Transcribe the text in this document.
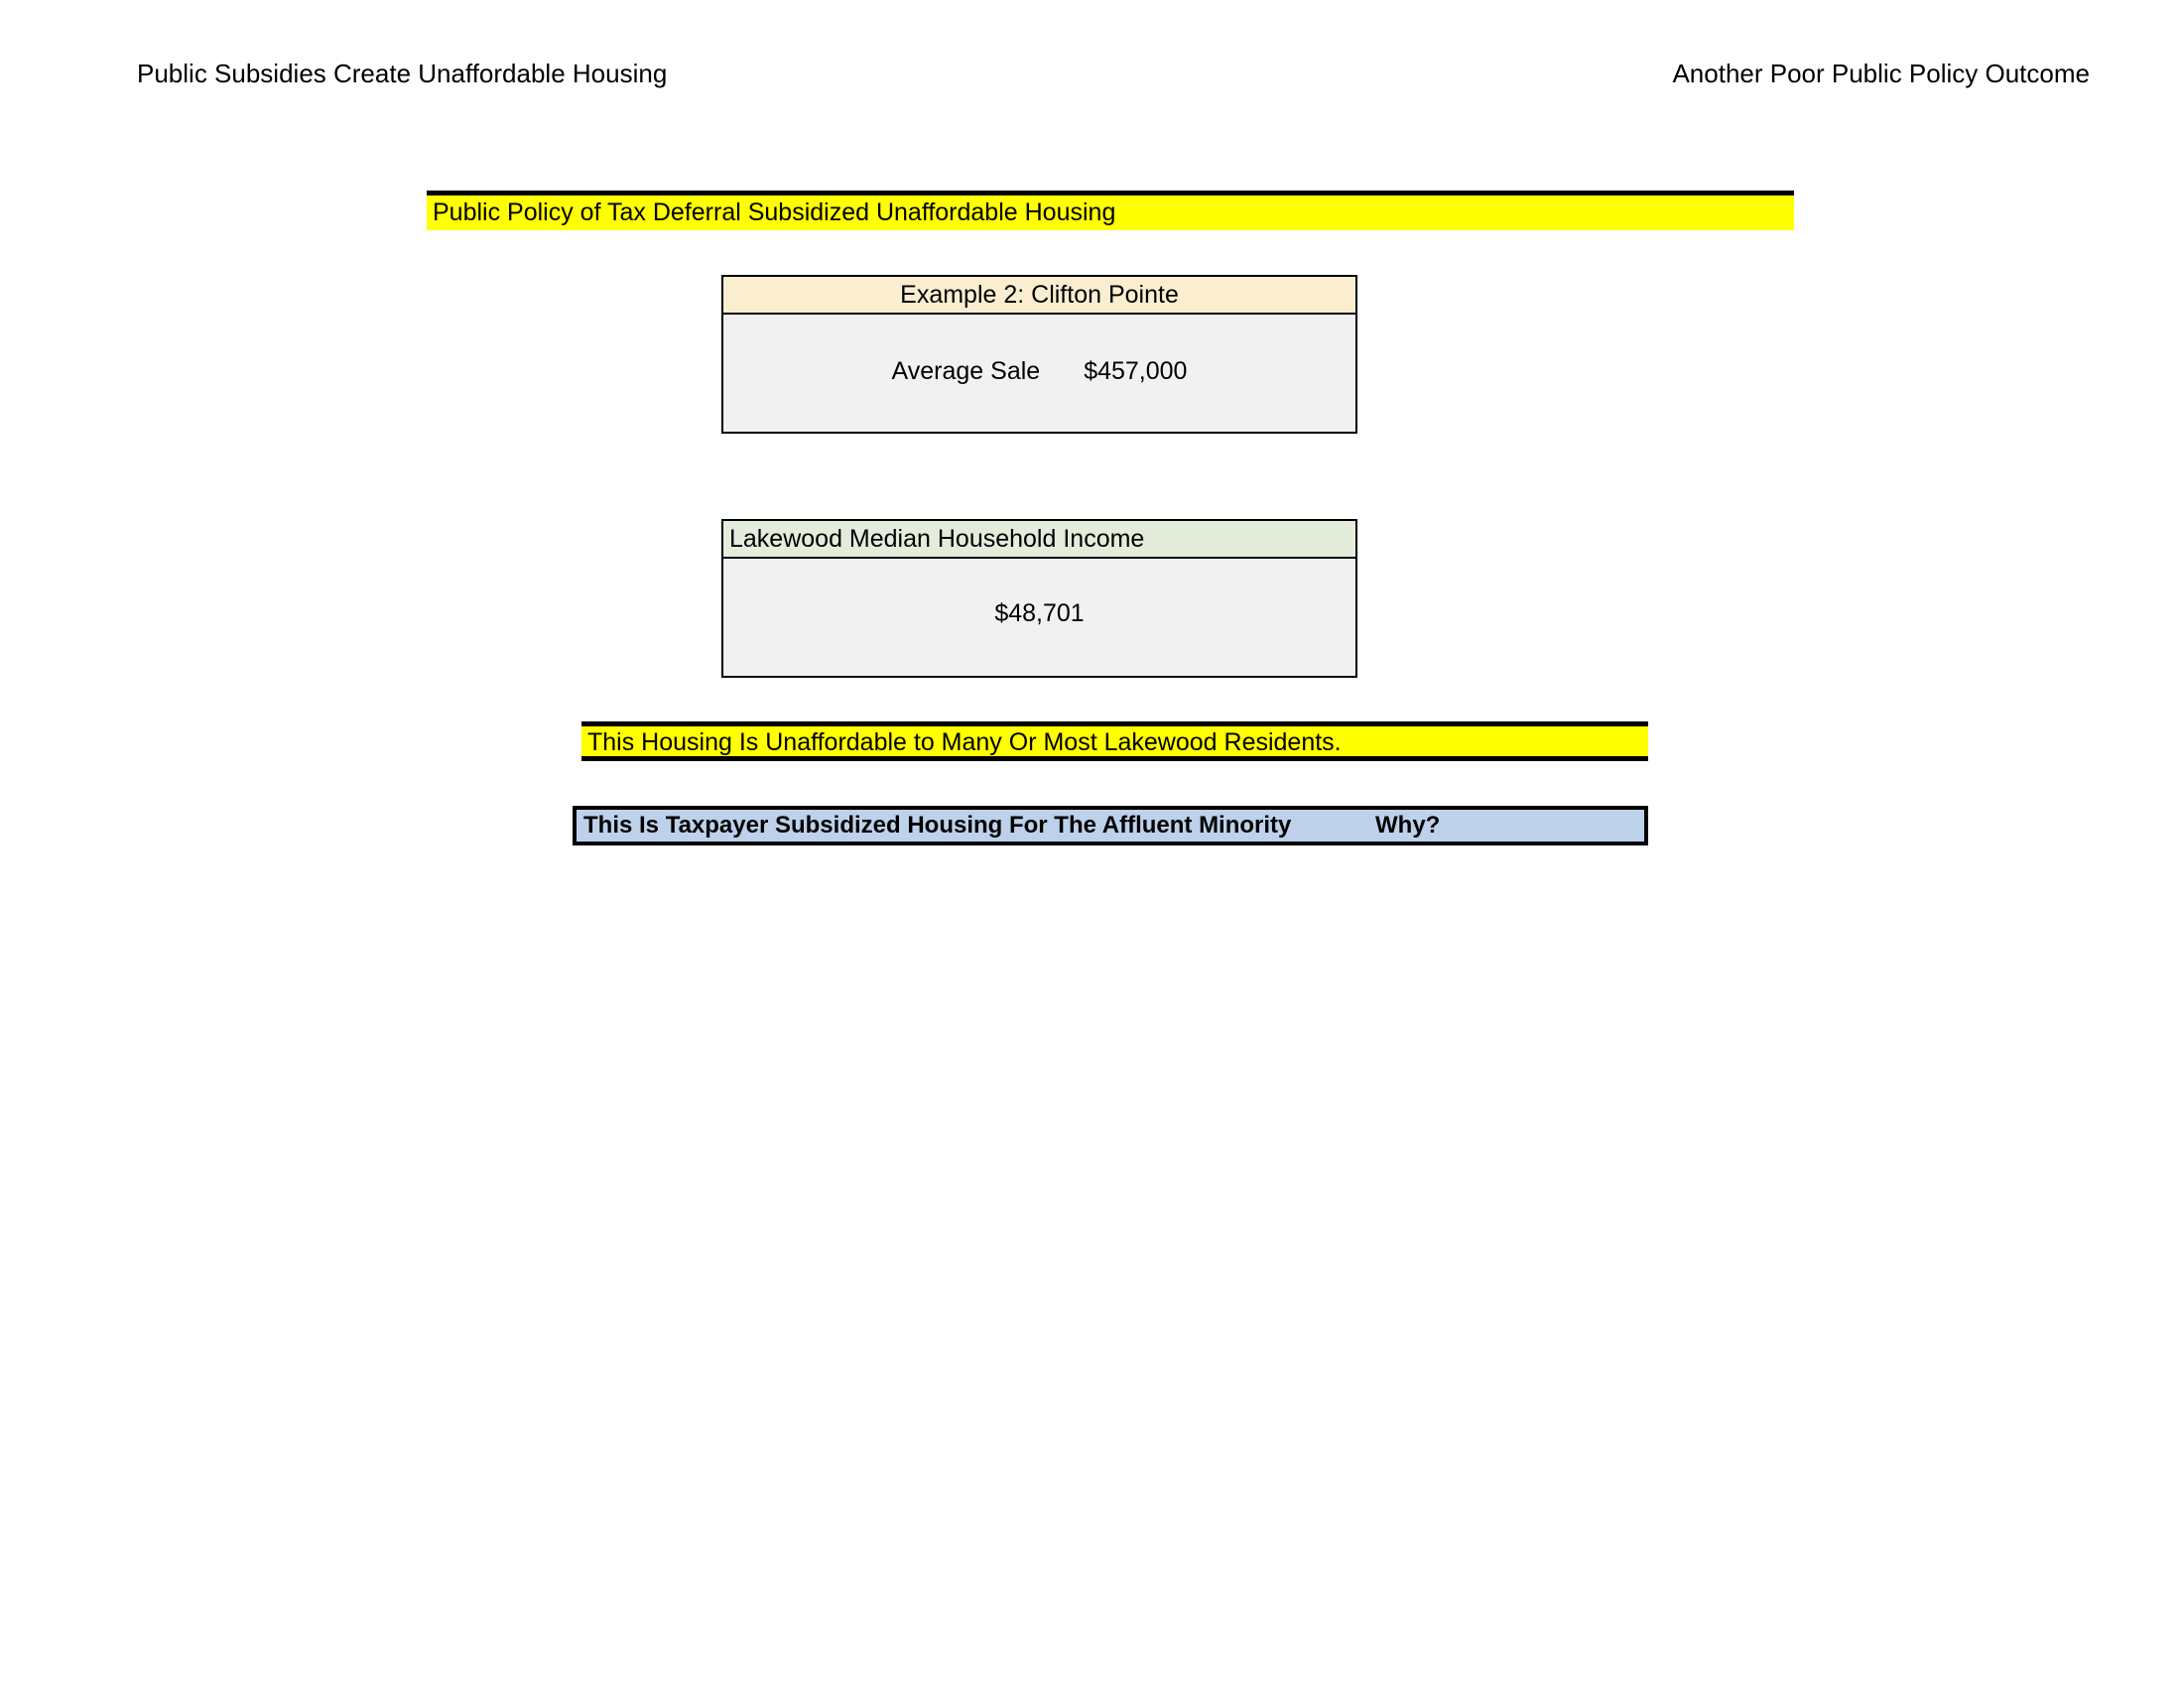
Public Subsidies Create Unaffordable Housing	Another Poor Public Policy Outcome
Public Policy of Tax Deferral Subsidized Unaffordable Housing
Example 2: Clifton Pointe
Average Sale $457,000
Lakewood Median Household Income
$48,701
This Housing Is Unaffordable to Many Or Most Lakewood Residents.
This Is Taxpayer Subsidized Housing For The Affluent Minority	Why?
